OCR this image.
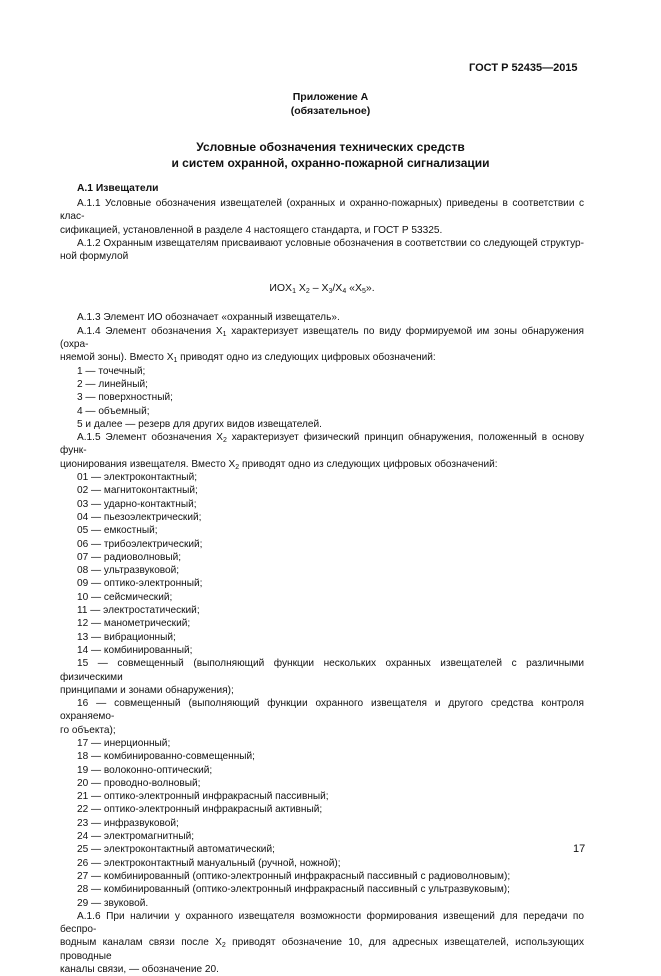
ГОСТ Р 52435—2015
Приложение А
(обязательное)
Условные обозначения технических средств
и систем охранной, охранно-пожарной сигнализации
А.1 Извещатели

А.1.1 Условные обозначения извещателей (охранных и охранно-пожарных) приведены в соответствии с клас-

сификацией, установленной в разделе 4 настоящего стандарта, и ГОСТ Р 53325.

А.1.2 Охранным извещателям присваивают условные обозначения в соответствии со следующей структур-

ной формулой

$ИОX_1$ $X_2 - X_3/X_4$ «$X_5$».

А.1.3 Элемент ИО обозначает «охранный извещатель».

А.1.4 Элемент обозначения $X_1$ характеризует извещатель по виду формируемой им зоны обнаружения (охра-

няемой зоны). Вместо $X_1$ приводят одно из следующих цифровых обозначений:

1 — точечный;
2 — линейный;
3 — поверхностный;
4 — объемный;

5 и далее — резерв для других видов извещателей.

А.1.5 Элемент обозначения $X_2$ характеризует физический принцип обнаружения, положенный в основу функ-

ционирования извещателя. Вместо $X_2$ приводят одно из следующих цифровых обозначений:

01 — электроконтактный;
02 — магнитоконтактный;
03 — ударно-контактный;
04 — пьезоэлектрический;
05 — емкостный;
06 — трибоэлектрический;
07 — радиоволновый;
08 — ультразвуковой;
09 — оптико-электронный;
10 — сейсмический;
11 — электростатический;
12 — манометрический;
13 — вибрационный;
14 — комбинированный;

15 — совмещенный (выполняющий функции нескольких охранных извещателей с различными физическими

принципами и зонами обнаружения);

16 — совмещенный (выполняющий функции охранного извещателя и другого средства контроля охраняемо-

го объекта);

17 — инерционный;
18 — комбинированно-совмещенный;
19 — волоконно-оптический;
20 — проводно-волновый;
21 — оптико-электронный инфракрасный пассивный;
22 — оптико-электронный инфракрасный активный;
23 — инфразвуковой;
24 — электромагнитный;
25 — электроконтактный автоматический;
26 — электроконтактный мануальный (ручной, ножной);
27 — комбинированный (оптико-электронный инфракрасный пассивный с радиоволновым);
28 — комбинированный (оптико-электронный инфракрасный пассивный с ультразвуковым);
29 — звуковой.

А.1.6 При наличии у охранного извещателя возможности формирования извещений для передачи по беспро-

водным каналам связи после $X_2$ приводят обозначение 10, для адресных извещателей, использующих проводные

каналы связи, — обозначение 20.

17
